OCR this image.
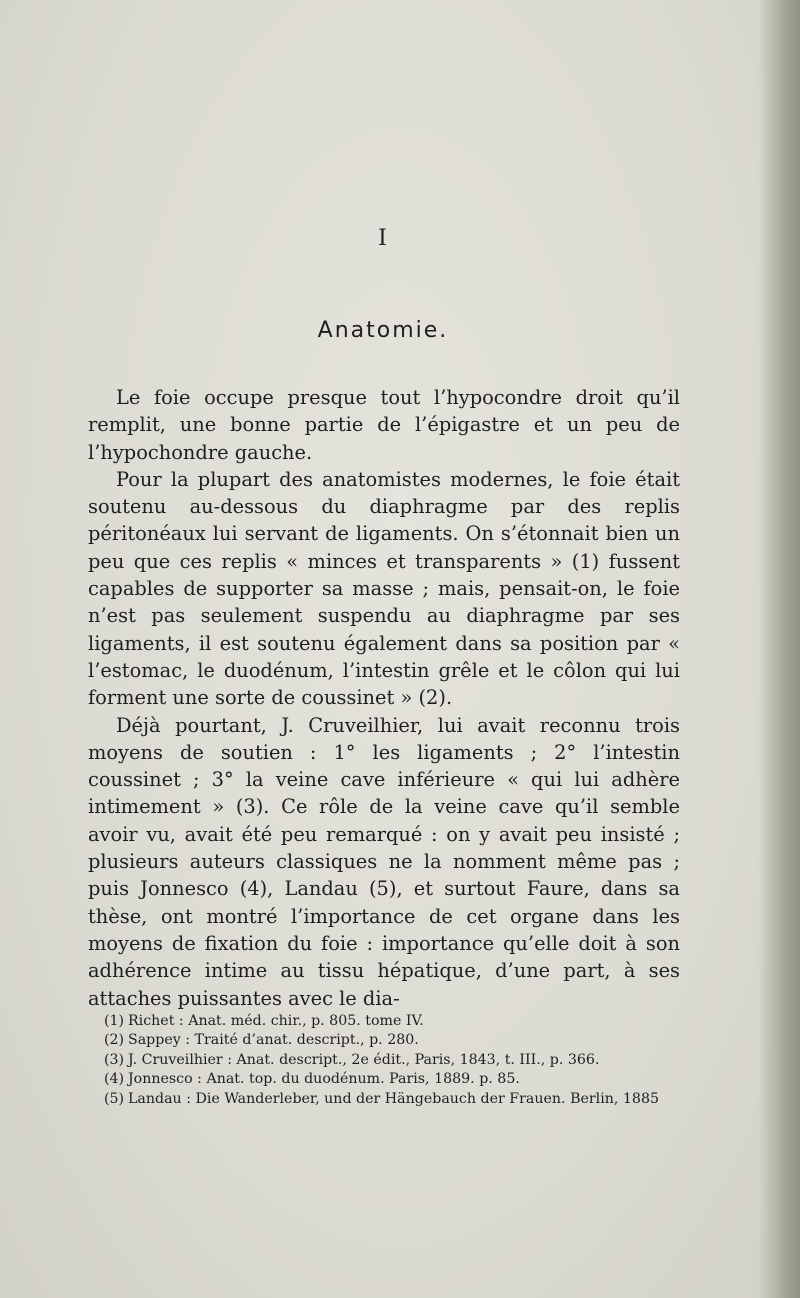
I
Anatomie.

Le foie occupe presque tout l’hypocondre droit qu’il remplit, une bonne partie de l’épigastre et un peu de l’hypochondre gauche.

Pour la plupart des anatomistes modernes, le foie était soutenu au-dessous du diaphragme par des replis péritonéaux lui servant de ligaments. On s’étonnait bien un peu que ces replis « minces et transparents » (1) fussent capables de supporter sa masse ; mais, pensait-on, le foie n’est pas seulement suspendu au diaphragme par ses ligaments, il est soutenu également dans sa position par « l’estomac, le duodénum, l’intestin grêle et le côlon qui lui forment une sorte de coussinet » (2).

Déjà pourtant, J. Cruveilhier, lui avait reconnu trois moyens de soutien : 1° les ligaments ; 2° l’intestin coussinet ; 3° la veine cave inférieure « qui lui adhère intimement » (3). Ce rôle de la veine cave qu’il semble avoir vu, avait été peu remarqué : on y avait peu insisté ; plusieurs auteurs classiques ne la nomment même pas ; puis Jonnesco (4), Landau (5), et surtout Faure, dans sa thèse, ont montré l’importance de cet organe dans les moyens de fixation du foie : importance qu’elle doit à son adhérence intime au tissu hépatique, d’une part, à ses attaches puissantes avec le dia-

(1) Richet : Anat. méd. chir., p. 805. tome IV.

(2) Sappey : Traité d’anat. descript., p. 280.

(3) J. Cruveilhier : Anat. descript., 2e édit., Paris, 1843, t. III., p. 366.

(4) Jonnesco : Anat. top. du duodénum. Paris, 1889. p. 85.

(5) Landau : Die Wanderleber, und der Hängebauch der Frauen. Berlin, 1885
